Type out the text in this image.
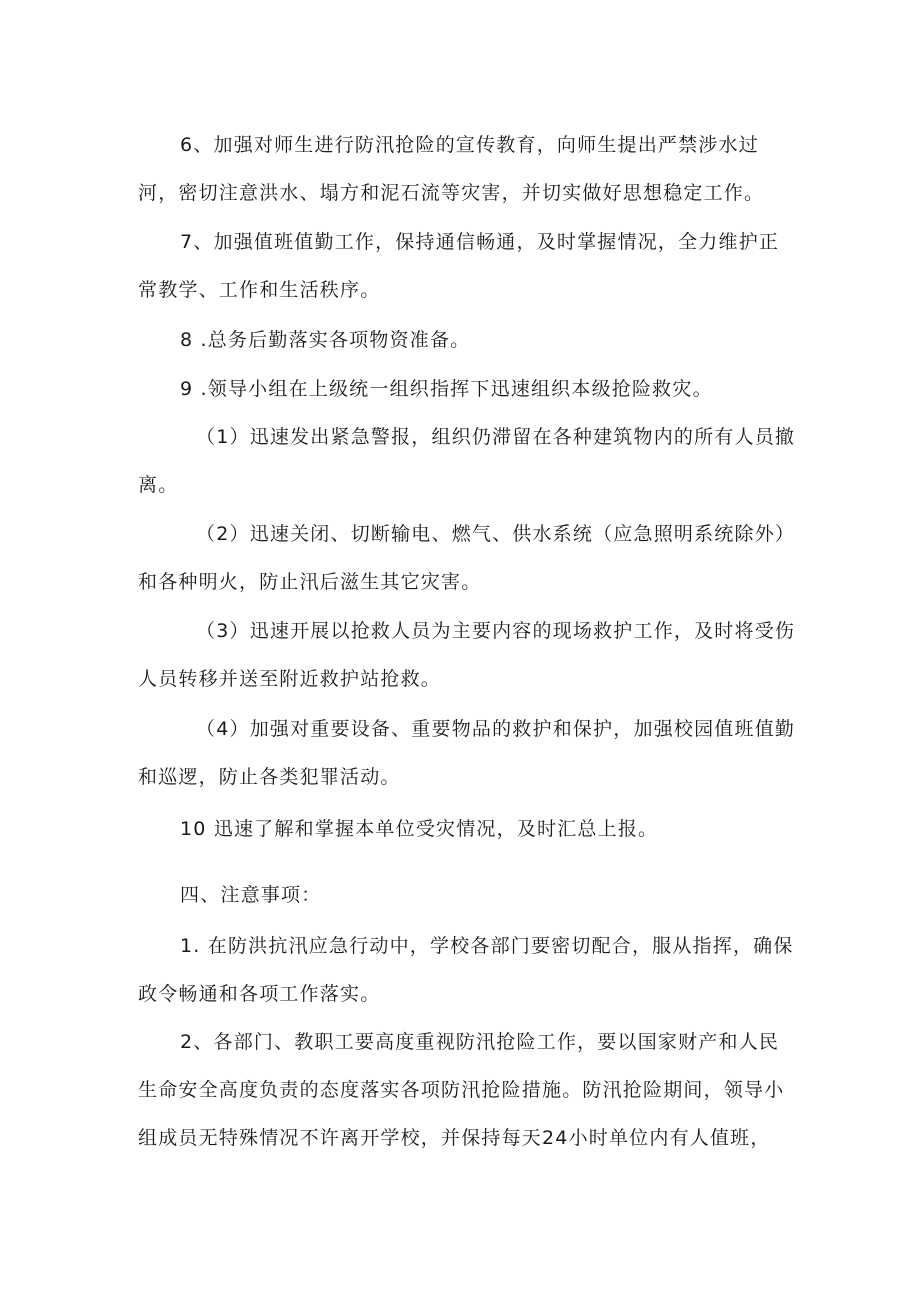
6、加强对师生进行防汛抢险的宣传教育，向师生提出严禁涉水过河，密切注意洪水、塌方和泥石流等灾害，并切实做好思想稳定工作。

7、加强值班值勤工作，保持通信畅通，及时掌握情况，全力维护正常教学、工作和生活秩序。

8 .总务后勤落实各项物资准备。

9 .领导小组在上级统一组织指挥下迅速组织本级抢险救灾。

（1）迅速发出紧急警报，组织仍滞留在各种建筑物内的所有人员撤离。

（2）迅速关闭、切断输电、燃气、供水系统（应急照明系统除外）和各种明火，防止汛后滋生其它灾害。

（3）迅速开展以抢救人员为主要内容的现场救护工作，及时将受伤人员转移并送至附近救护站抢救。

（4）加强对重要设备、重要物品的救护和保护，加强校园值班值勤和巡逻，防止各类犯罪活动。

10 迅速了解和掌握本单位受灾情况，及时汇总上报。

四、注意事项：

1. 在防洪抗汛应急行动中，学校各部门要密切配合，服从指挥，确保政令畅通和各项工作落实。

2、各部门、教职工要高度重视防汛抢险工作，要以国家财产和人民生命安全高度负责的态度落实各项防汛抢险措施。防汛抢险期间，领导小组成员无特殊情况不许离开学校，并保持每天24小时单位内有人值班，
